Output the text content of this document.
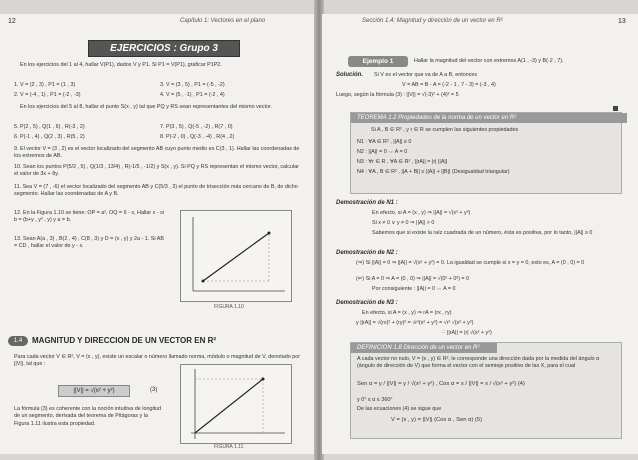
12	Capítulo 1: Vectores en el plano
EJERCICIOS : Grupo 3
En los ejercicios del 1 al 4, hallar V(P1), dados V y P1. Si P1 = V(P1), graficar P1P2.
1. V = (2 , 3) , P1 = (1 , 3)	3. V = (3 , 5) , P1 = (-5 , -2)
2. V = (-4 , 1) , P1 = (-2 , -3)	4. V = (5 , -1) , P1 = (-2 , 4)
En los ejercicios del 5 al 8, hallar el punto S(x , y) tal que PQ y RS sean representantes del mismo vector.
5. P(2 , 5) , Q(1 , 6) , R(-3 , 2)	7. P(3 , 5) , Q(-5 , -2) , R(7 , 0)
6. P(-1 , 4) , Q(2 , 3) , R(5 , 2)	8. P(-2 , 0) , Q(-3 , -4) , R(4 , 2)
9. El vector V = (3 , 2) es el vector localizado del segmento AB cuyo punto medio es C(3 , 1). Hallar las coordenadas de los extremos de AB.
10. Sean los puntos P(5/2 , 5) , Q(1/3 , 13/4) , R(-1/5 , -1/2) y S(x , y). Si PQ y RS representan el mismo vector, calcular el valor de 3x + 8y.
11. Sea V = (7 , -6) el vector localizado del segmento AB y C(5/3 , 3) el punto de trisección más cercano de B, de dicho segmento. Hallar las coordenadas de A y B.
12. En la Figura 1.10 se tiene: OP = a², OQ = 6 - x, Hallar x - si b = (b+y , y² , y) y a = b.
13. Sean A(a , 3) , B(2 , 4) , C(8 , 3) y D = (x , y) y 2a - 1. Si AB = CD , hallar el valor de y - x.
FIGURA 1.10
1.4	MAGNITUD Y DIRECCION DE UN VECTOR EN R²
Para cada vector V ∈ R², V = (x , y), existe un escalar o número llamado norma, módulo o magnitud de V, denotado por ||V||, tal que :
||V|| = √(x² + y²)	(3)
La fórmula (3) es coherente con la noción intuitiva de longitud de un segmento, derivada del teorema de Pitágoras y la Figura 1.11 ilustra esta propiedad.
FIGURA 1.11
Sección 1.4: Magnitud y dirección de un vector en R²	13
Ejemplo 1	Hallar la magnitud del vector con extremos A(1 , -3) y B(-2 , 7).
Solución. Si V es el vector que va de A a B, entonces
V = AB = B - A = (-2 - 1 , 7 - 3) = (-3 , 4)
Luego, según la fórmula (3) : ||V|| = √(-3)² + (4)² = 5
TEOREMA 1.2 Propiedades de la norma de un vector en R²
Si A , B ∈ R² , y r ∈ R se cumplen las siguientes propiedades
N1 : ∀A ∈ R² , ||A|| ≥ 0
N2 : ||A|| = 0 ⇔ A = 0
N3 : ∀r ∈ R , ∀A ∈ R² , ||rA|| = |r| ||A||
N4 : ∀A , B ∈ R² , ||A + B|| ≤ ||A|| + ||B|| (Desigualdad triangular)
Demostración de N1 :
En efecto, si A = (x , y) ⇒ ||A|| = √(x² + y²)
Si x ≠ 0 ∨ y ≠ 0 ⇒ ||A|| > 0
Sabemos que si existe la raíz cuadrada de un número, ésta es positiva, por lo tanto, ||A|| ≥ 0
Demostración de N2 :
(⇒) Si ||A|| = 0 ⇒ ||A|| = √(x² + y²) = 0. La igualdad se cumple si x = y = 0, esto es, A = (0 , 0) = 0
(⇐) Si A = 0 ⇒ A = (0 , 0) ⇒ ||A|| = √(0² + 0²) = 0
Por consiguiente : ||A|| = 0 ⇔ A = 0
Demostración de N3 :
En efecto, si A = (x , y) ⇒ rA = (rx , ry)
y ||rA|| = √(rx)² + (ry)² = √r²(x² + y²) = √r² √(x² + y²)
∴ ||rA|| = |r| √(x² + y²)
DEFINICION 1.8 Dirección de un vector en R²
A cada vector no nulo, V = (x , y) ∈ R², le corresponde una dirección dada por la medida del ángulo α (ángulo de dirección de V) que forma el vector con el semieje positivo de las X, para el cual
Sen α = y / ||V|| = y / √(x² + y²) , Cos α = x / ||V|| = x / √(x² + y²) (4)
y 0° ≤ α ≤ 360°
De las ecuaciones (4) se sigue que
V = (x , y) = ||V|| (Cos α , Sen α) (5)
